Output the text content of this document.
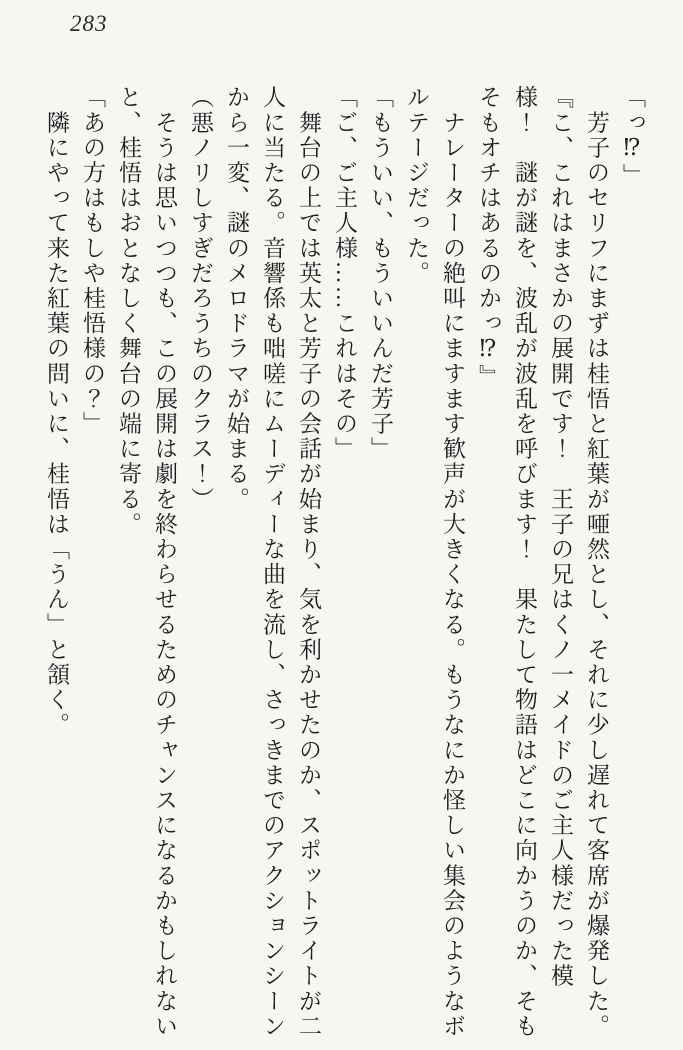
283
「っ⁉」
　芳子のセリフにまずは桂悟と紅葉が唖然とし、それに少し遅れて客席が爆発した。
『こ、これはまさかの展開です！　王子の兄はくノ一メイドのご主人様だった模
様！　謎が謎を、波乱が波乱を呼びます！　果たして物語はどこに向かうのか、そも
そもオチはあるのかっ⁉』
　ナレーターの絶叫にますます歓声が大きくなる。もうなにか怪しい集会のようなボ
ルテージだった。
「もういい、もういいんだ芳子」
「ご、ご主人様……これはその」
　舞台の上では英太と芳子の会話が始まり、気を利かせたのか、スポットライトが二
人に当たる。音響係も咄嗟にムーディーな曲を流し、さっきまでのアクションシーン
から一変、謎のメロドラマが始まる。
（悪ノリしすぎだろうちのクラス！）
　そうは思いつつも、この展開は劇を終わらせるためのチャンスになるかもしれない
と、桂悟はおとなしく舞台の端に寄る。
「あの方はもしや桂悟様の？」
　隣にやって来た紅葉の問いに、桂悟は「うん」と頷く。
